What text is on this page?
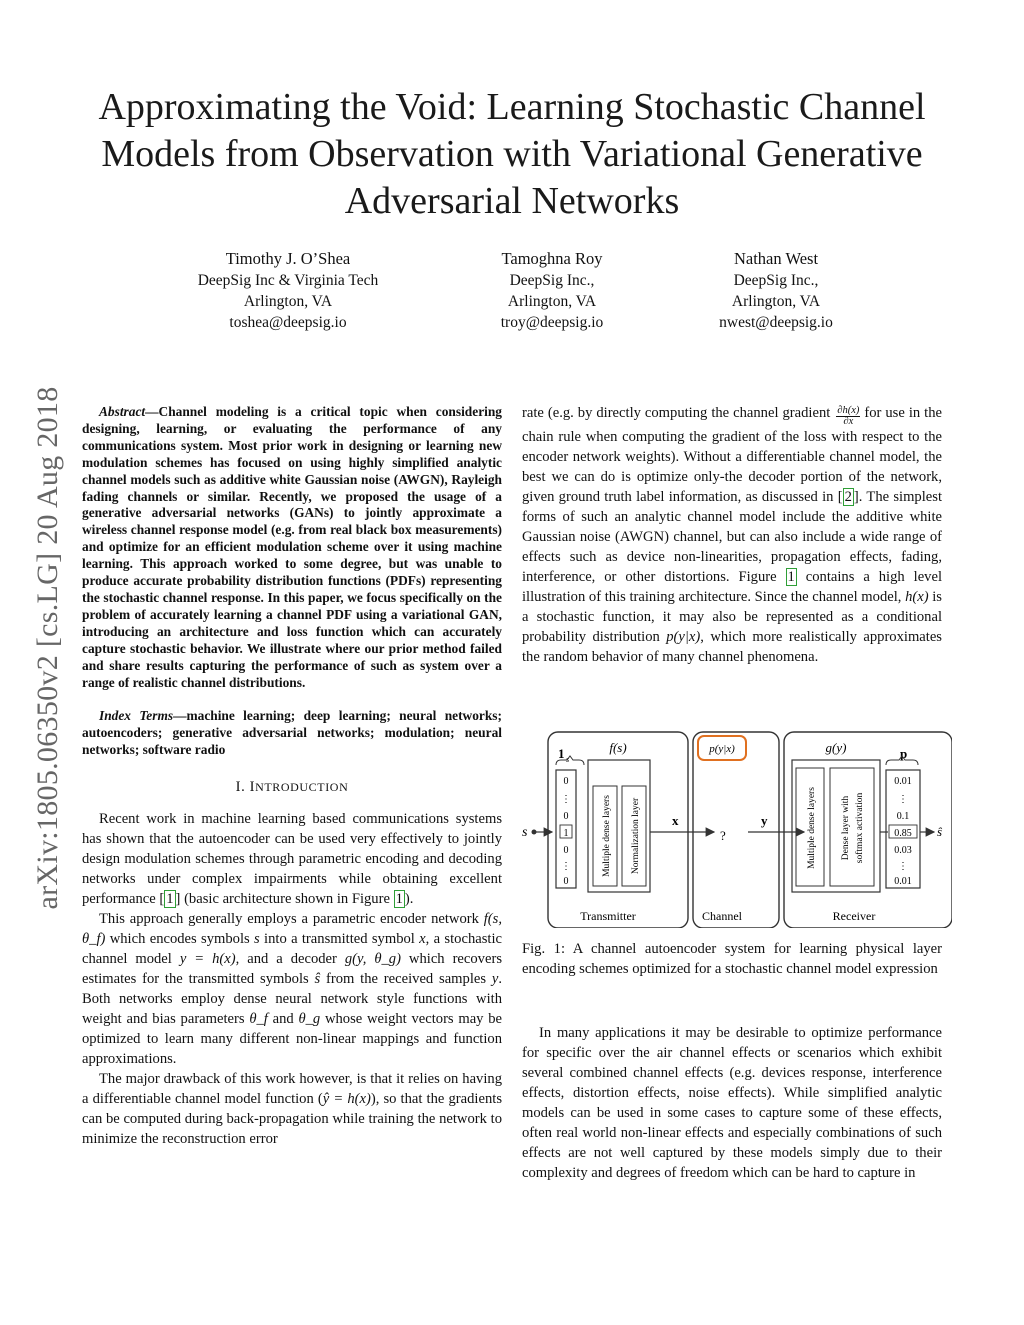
Approximating the Void: Learning Stochastic Channel Models from Observation with Variational Generative Adversarial Networks
Timothy J. O’Shea
DeepSig Inc & Virginia Tech
Arlington, VA
toshea@deepsig.io
Tamoghna Roy
DeepSig Inc.,
Arlington, VA
troy@deepsig.io
Nathan West
DeepSig Inc.,
Arlington, VA
nwest@deepsig.io
arXiv:1805.06350v2 [cs.LG] 20 Aug 2018	Abstract—Channel modeling is a critical topic when considering designing, learning, or evaluating the performance of any communications system. Most prior work in designing or learning new modulation schemes has focused on using highly simplified analytic channel models such as additive white Gaussian noise (AWGN), Rayleigh fading channels or similar. Recently, we proposed the usage of a generative adversarial networks (GANs) to jointly approximate a wireless channel response model (e.g. from real black box measurements) and optimize for an efficient modulation scheme over it using machine learning. This approach worked to some degree, but was unable to produce accurate probability distribution functions (PDFs) representing the stochastic channel response. In this paper, we focus specifically on the problem of accurately learning a channel PDF using a variational GAN, introducing an architecture and loss function which can accurately capture stochastic behavior. We illustrate where our prior method failed and share results capturing the performance of such as system over a range of realistic channel distributions.

Index Terms—machine learning; deep learning; neural networks; autoencoders; generative adversarial networks; modulation; neural networks; software radio

I. INTRODUCTION

Recent work in machine learning based communications systems has shown that the autoencoder can be used very effectively to jointly design modulation schemes through parametric encoding and decoding networks under complex impairments while obtaining excellent performance [ 1 ] (basic architecture shown in Figure 1 ).

This approach generally employs a parametric encoder network f(s, θ_f) which encodes symbols s into a transmitted symbol x, a stochastic channel model y = h(x), and a decoder g(y, θ_g) which recovers estimates for the transmitted symbols ŝ from the received samples y. Both networks employ dense neural network style functions with weight and bias parameters θ_f and θ_g whose weight vectors may be optimized to learn many different non-linear mappings and function approximations.

The major drawback of this work however, is that it relies on having a differentiable channel model function (ŷ = h(x)), so that the gradients can be computed during back-propagation while training the network to minimize the reconstruction error

rate (e.g. by directly computing the channel gradient $\frac{\partial h(x)}{\partial x}$ for use in the chain rule when computing the gradient of the loss with respect to the encoder network weights). Without a differentiable channel model, the best we can do is optimize only-the decoder portion of the network, given ground truth label information, as discussed in [ 2 ]. The simplest forms of such an analytic channel model include the additive white Gaussian noise (AWGN) channel, but can also include a wide range of effects such as device non-linearities, propagation effects, fading, interference, or other distortions. Figure 1 contains a high level illustration of this training architecture. Since the channel model, h(x) is a stochastic function, it may also be represented as a conditional probability distribution p(y|x), which more realistically approximates the random behavior of many channel phenomena.

s
1 s
0
⋮
0
1
0
⋮
0
f(s)
Multiple dense layers Normalization layer x
p(y|x)
?
y
g(y)
Multiple dense layers	Dense layer with softmax activation
p
0.01
⋮
0.1
0.85
0.03
⋮
0.01
ŝ
Transmitter	Channel	Receiver
Fig. 1: A channel autoencoder system for learning physical layer encoding schemes optimized for a stochastic channel model expression

In many applications it may be desirable to optimize performance for specific over the air channel effects or scenarios which exhibit several combined channel effects (e.g. devices response, interference effects, distortion effects, noise effects). While simplified analytic models can be used in some cases to capture some of these effects, often real world non-linear effects and especially combinations of such effects are not well captured by these models simply due to their complexity and degrees of freedom which can be hard to capture in
